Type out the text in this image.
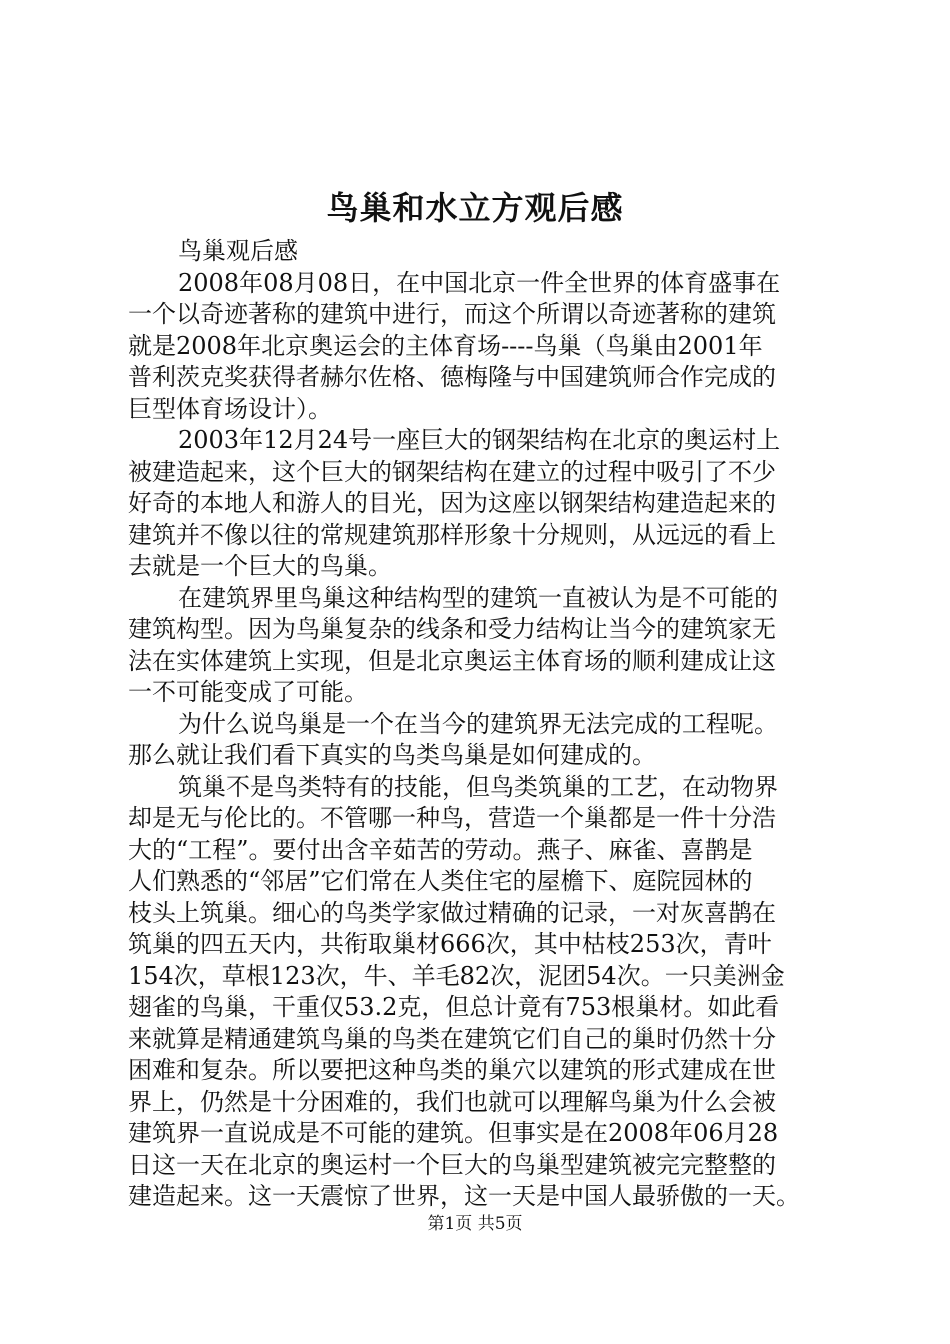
鸟巢和水立方观后感
鸟巢观后感
2008年08月08日，在中国北京一件全世界的体育盛事在
一个以奇迹著称的建筑中进行，而这个所谓以奇迹著称的建筑
就是2008年北京奥运会的主体育场----鸟巢（鸟巢由2001年
普利茨克奖获得者赫尔佐格、德梅隆与中国建筑师合作完成的
巨型体育场设计）。
2003年12月24号一座巨大的钢架结构在北京的奥运村上
被建造起来，这个巨大的钢架结构在建立的过程中吸引了不少
好奇的本地人和游人的目光，因为这座以钢架结构建造起来的
建筑并不像以往的常规建筑那样形象十分规则，从远远的看上
去就是一个巨大的鸟巢。
在建筑界里鸟巢这种结构型的建筑一直被认为是不可能的
建筑构型。因为鸟巢复杂的线条和受力结构让当今的建筑家无
法在实体建筑上实现，但是北京奥运主体育场的顺利建成让这
一不可能变成了可能。
为什么说鸟巢是一个在当今的建筑界无法完成的工程呢。
那么就让我们看下真实的鸟类鸟巢是如何建成的。
筑巢不是鸟类特有的技能，但鸟类筑巢的工艺，在动物界
却是无与伦比的。不管哪一种鸟，营造一个巢都是一件十分浩
大的“工程”。要付出含辛茹苦的劳动。燕子、麻雀、喜鹊是
人们熟悉的“邻居”它们常在人类住宅的屋檐下、庭院园林的
枝头上筑巢。细心的鸟类学家做过精确的记录，一对灰喜鹊在
筑巢的四五天内，共衔取巢材666次，其中枯枝253次，青叶
154次，草根123次，牛、羊毛82次，泥团54次。一只美洲金
翅雀的鸟巢，干重仅53.2克，但总计竟有753根巢材。如此看
来就算是精通建筑鸟巢的鸟类在建筑它们自己的巢时仍然十分
困难和复杂。所以要把这种鸟类的巢穴以建筑的形式建成在世
界上，仍然是十分困难的，我们也就可以理解鸟巢为什么会被
建筑界一直说成是不可能的建筑。但事实是在2008年06月28
日这一天在北京的奥运村一个巨大的鸟巢型建筑被完完整整的
建造起来。这一天震惊了世界，这一天是中国人最骄傲的一天。
第1页 共5页
